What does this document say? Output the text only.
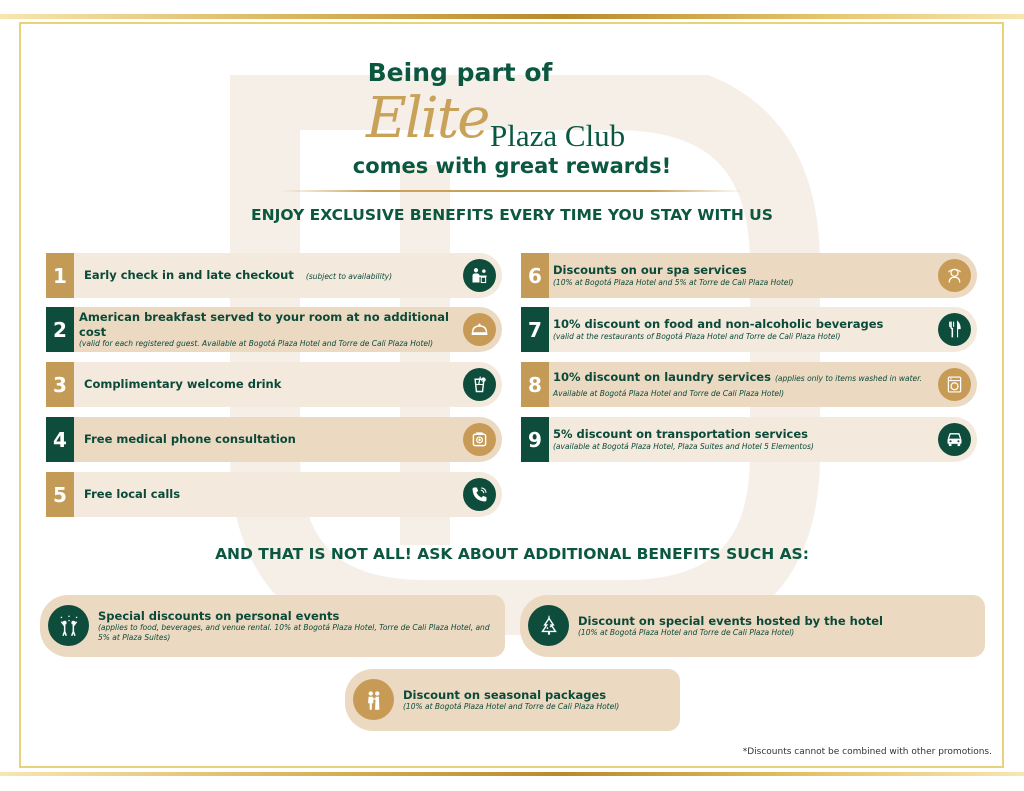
Being part of
Elite Plaza Club
comes with great rewards!
ENJOY EXCLUSIVE BENEFITS EVERY TIME YOU STAY WITH US
1	Early check in and late checkout (subject to availability)
2
American breakfast served to your room at no additional cost
(valid for each registered guest. Available at Bogotá Plaza Hotel and Torre de Cali Plaza Hotel)
3	Complimentary welcome drink
4	Free medical phone consultation
5	Free local calls
6 Discounts on our spa services
(10% at Bogotá Plaza Hotel and 5% at Torre de Cali Plaza Hotel)
7 10% discount on food and non-alcoholic beverages
(valid at the restaurants of Bogotá Plaza Hotel and Torre de Cali Plaza Hotel)
8 10% discount on laundry services (applies only to items washed in water. Available at Bogotá Plaza Hotel and Torre de Cali Plaza Hotel)
9 5% discount on transportation services
(available at Bogotá Plaza Hotel, Plaza Suites and Hotel 5 Elementos)
AND THAT IS NOT ALL! ASK ABOUT ADDITIONAL BENEFITS SUCH AS:
Special discounts on personal events
(applies to food, beverages, and venue rental. 10% at Bogotá Plaza Hotel, Torre de Cali Plaza Hotel, and 5% at Plaza Suites)
Discount on special events hosted by the hotel
(10% at Bogotá Plaza Hotel and Torre de Cali Plaza Hotel)
Discount on seasonal packages
(10% at Bogotá Plaza Hotel and Torre de Cali Plaza Hotel)
*Discounts cannot be combined with other promotions.
